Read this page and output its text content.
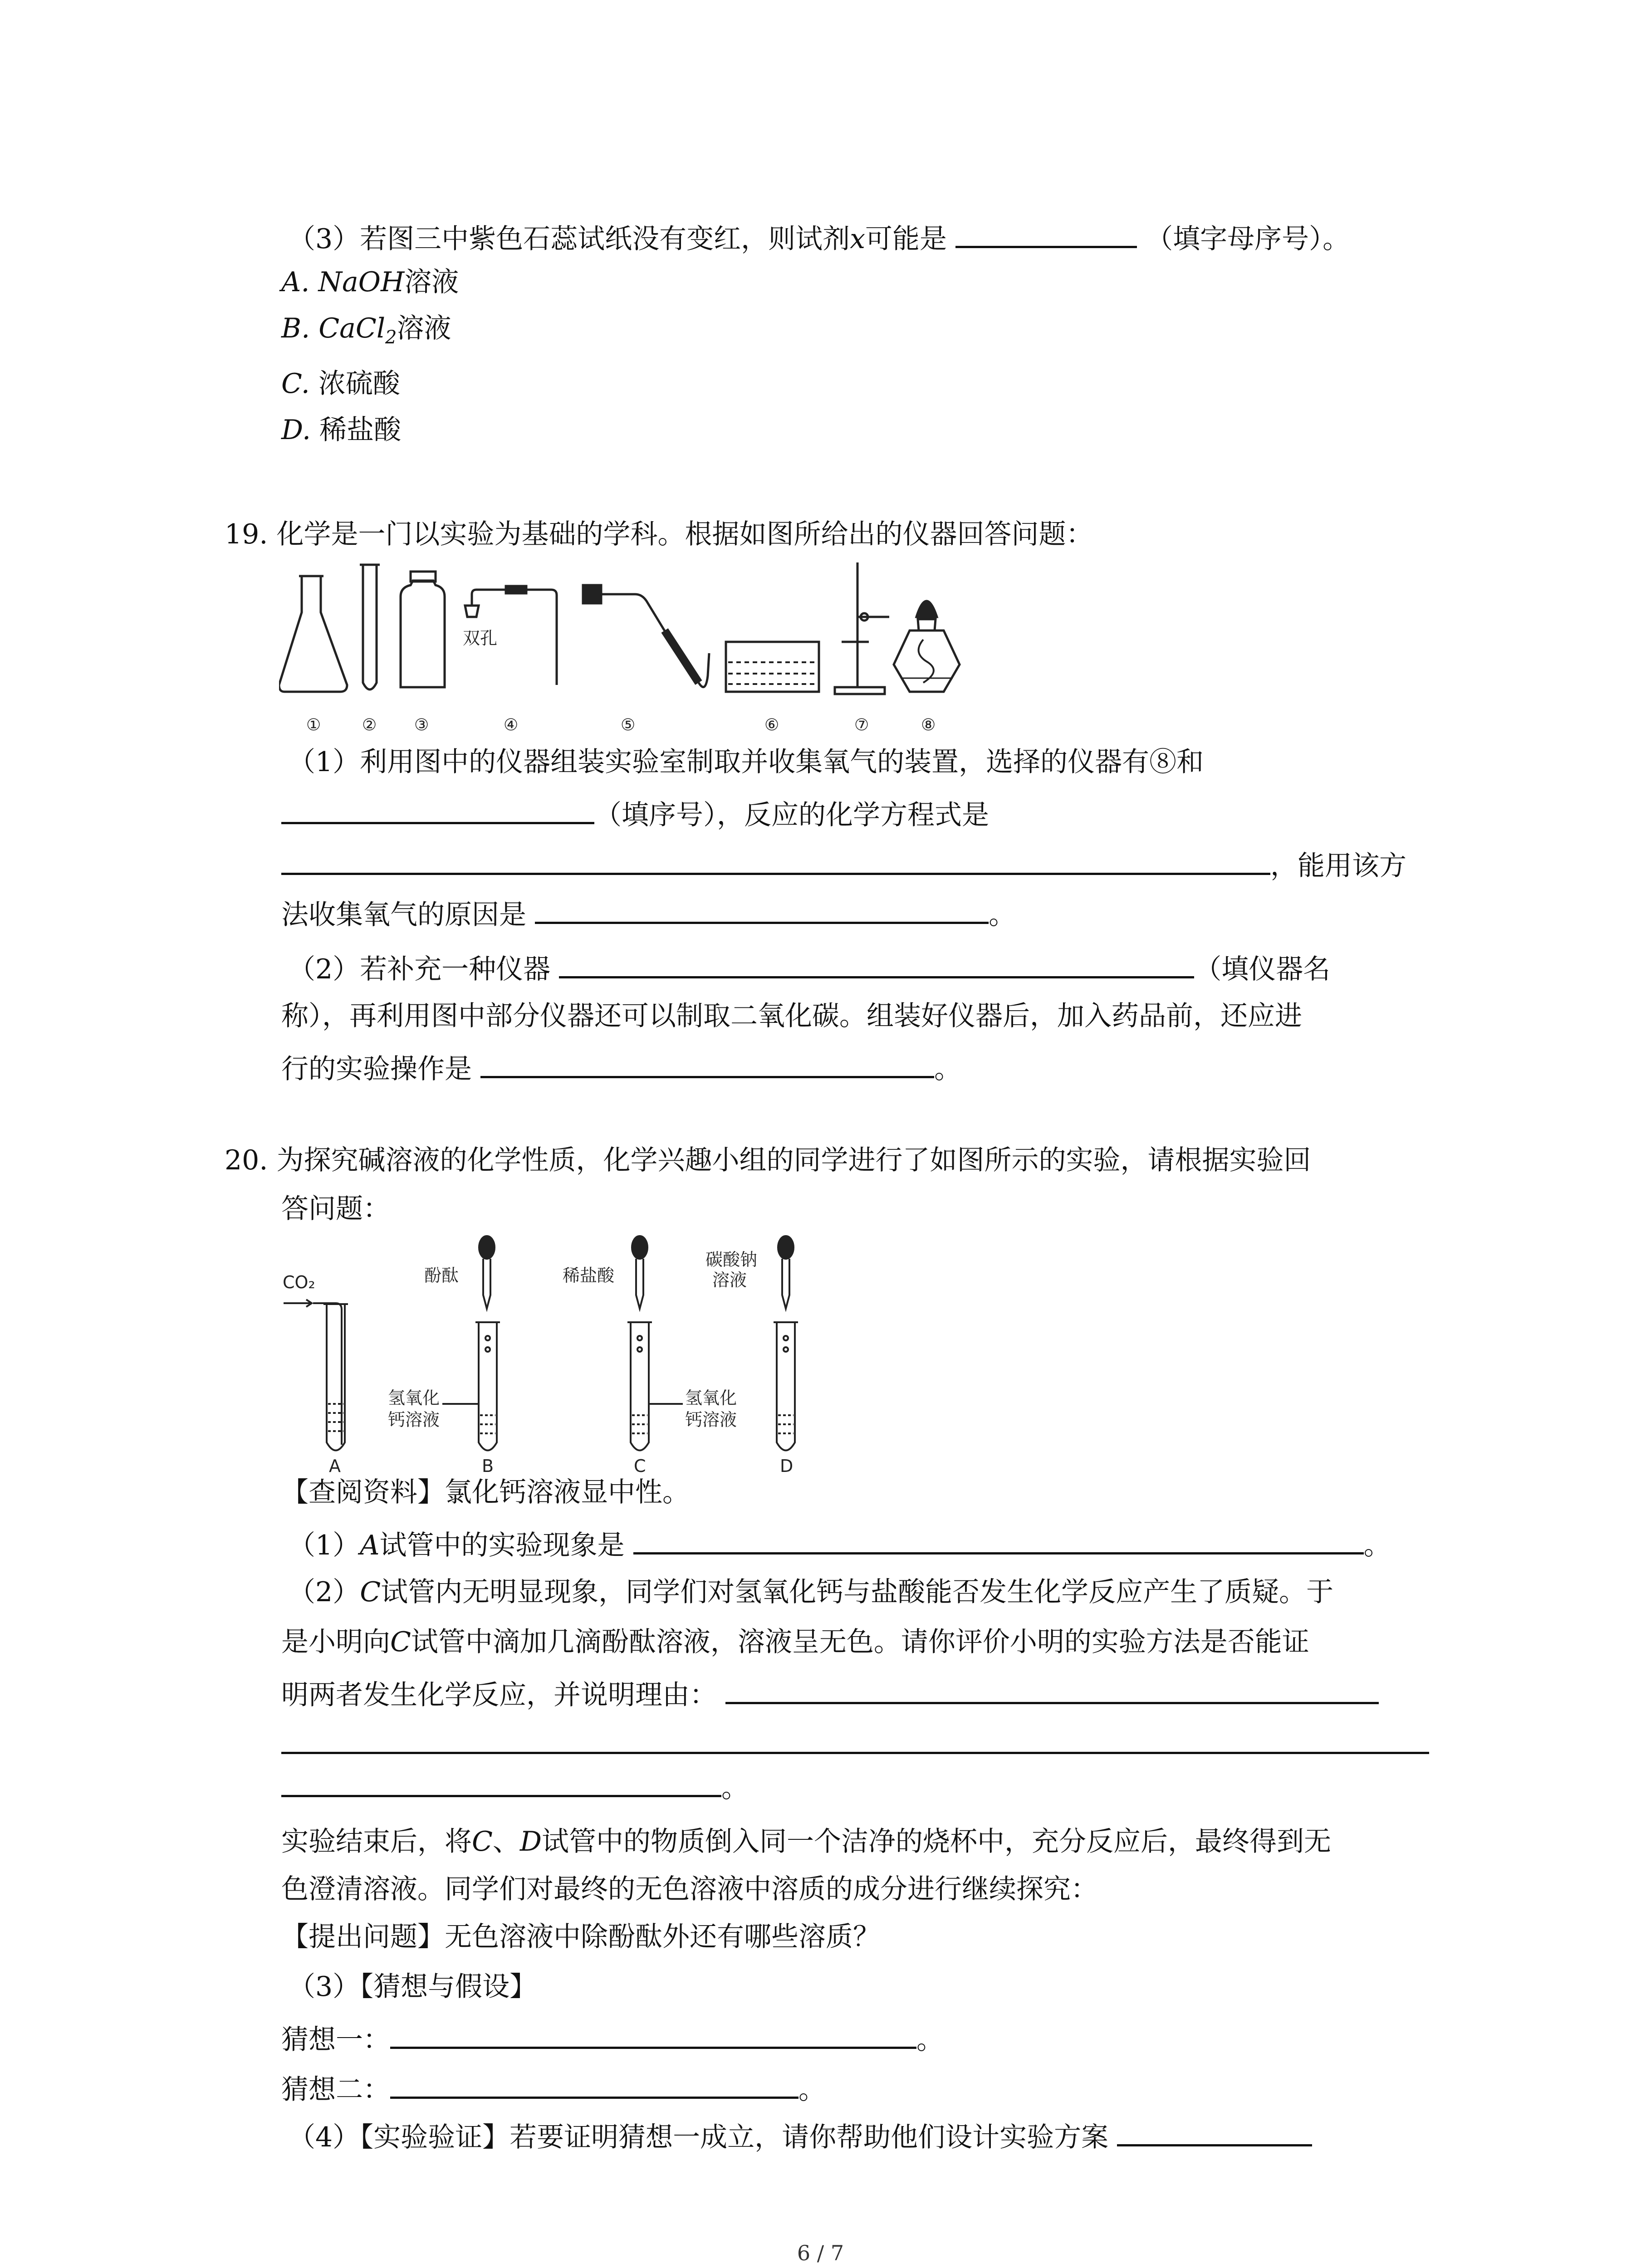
（3）若图三中紫色石蕊试纸没有变红，则试剂x可能是	（填字母序号）。
A. NaOH溶液
B. CaCl$_2$溶液
C. 浓硫酸
D. 稀盐酸
19. 化学是一门以实验为基础的学科。根据如图所给出的仪器回答问题：
双孔
①	② ③	④	⑤	⑥	⑦	⑧
（1）利用图中的仪器组装实验室制取并收集氧气的装置，选择的仪器有⑧和
（填序号），反应的化学方程式是
，能用该方
法收集氧气的原因是	。
（2）若补充一种仪器	（填仪器名
称），再利用图中部分仪器还可以制取二氧化碳。组装好仪器后，加入药品前，还应进
行的实验操作是	。
20. 为探究碱溶液的化学性质，化学兴趣小组的同学进行了如图所示的实验，请根据实验回
答问题：
CO₂	酚酞
氢氧化
钙溶液
稀盐酸
氢氧化
钙溶液
碳酸钠
溶液
A	B	C	D
【查阅资料】氯化钙溶液显中性。
（1）A试管中的实验现象是	。
（2）C试管内无明显现象，同学们对氢氧化钙与盐酸能否发生化学反应产生了质疑。于
是小明向C试管中滴加几滴酚酞溶液，溶液呈无色。请你评价小明的实验方法是否能证
明两者发生化学反应，并说明理由：
。
实验结束后，将C、D试管中的物质倒入同一个洁净的烧杯中，充分反应后，最终得到无
色澄清溶液。同学们对最终的无色溶液中溶质的成分进行继续探究：
【提出问题】无色溶液中除酚酞外还有哪些溶质？
（3）【猜想与假设】
猜想一：	。
猜想二：	。
（4）【实验验证】若要证明猜想一成立，请你帮助他们设计实验方案
6 / 7
